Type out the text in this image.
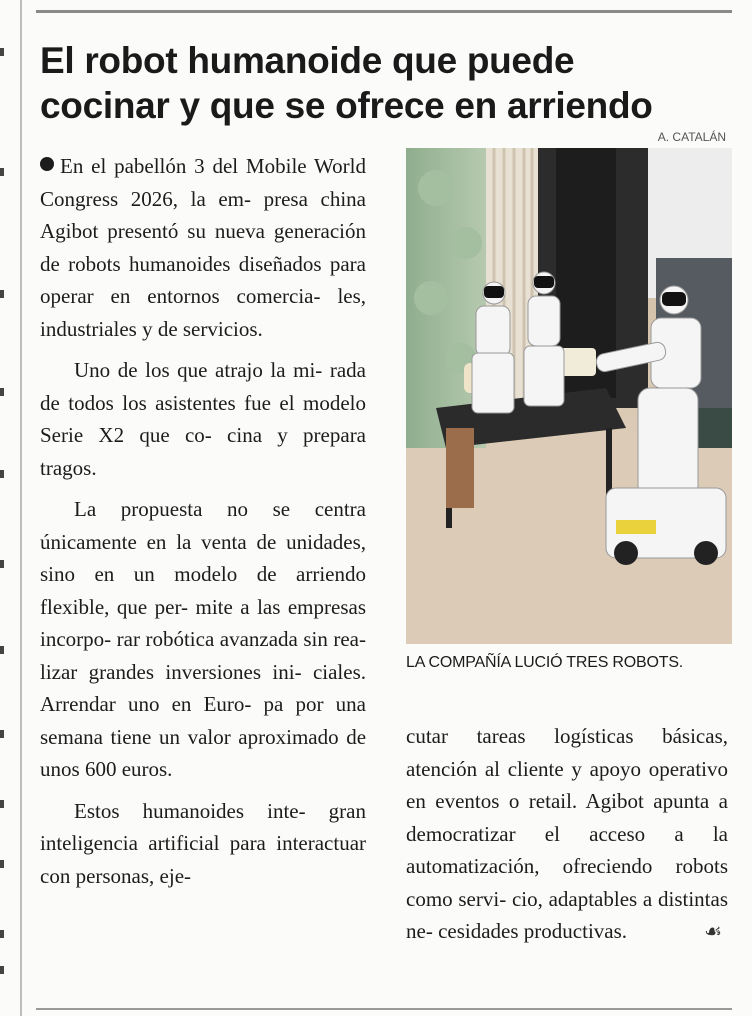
El robot humanoide que puede
cocinar y que se ofrece en arriendo
A. CATALÁN

En el pabellón 3 del Mobile World Congress 2026, la em- presa china Agibot presentó su nueva generación de robots humanoides diseñados para operar en entornos comercia- les, industriales y de servicios.

Uno de los que atrajo la mi- rada de todos los asistentes fue el modelo Serie X2 que co- cina y prepara tragos.

La propuesta no se centra únicamente en la venta de unidades, sino en un modelo de arriendo flexible, que per- mite a las empresas incorpo- rar robótica avanzada sin rea- lizar grandes inversiones ini- ciales. Arrendar uno en Euro- pa por una semana tiene un valor aproximado de unos 600 euros.

Estos humanoides inte- gran inteligencia artificial para interactuar con personas, eje-

LA COMPAÑÍA LUCIÓ TRES ROBOTS.

cutar tareas logísticas básicas, atención al cliente y apoyo operativo en eventos o retail. Agibot apunta a democratizar el acceso a la automatización, ofreciendo robots como servi- cio, adaptables a distintas ne- cesidades productivas.	☙
